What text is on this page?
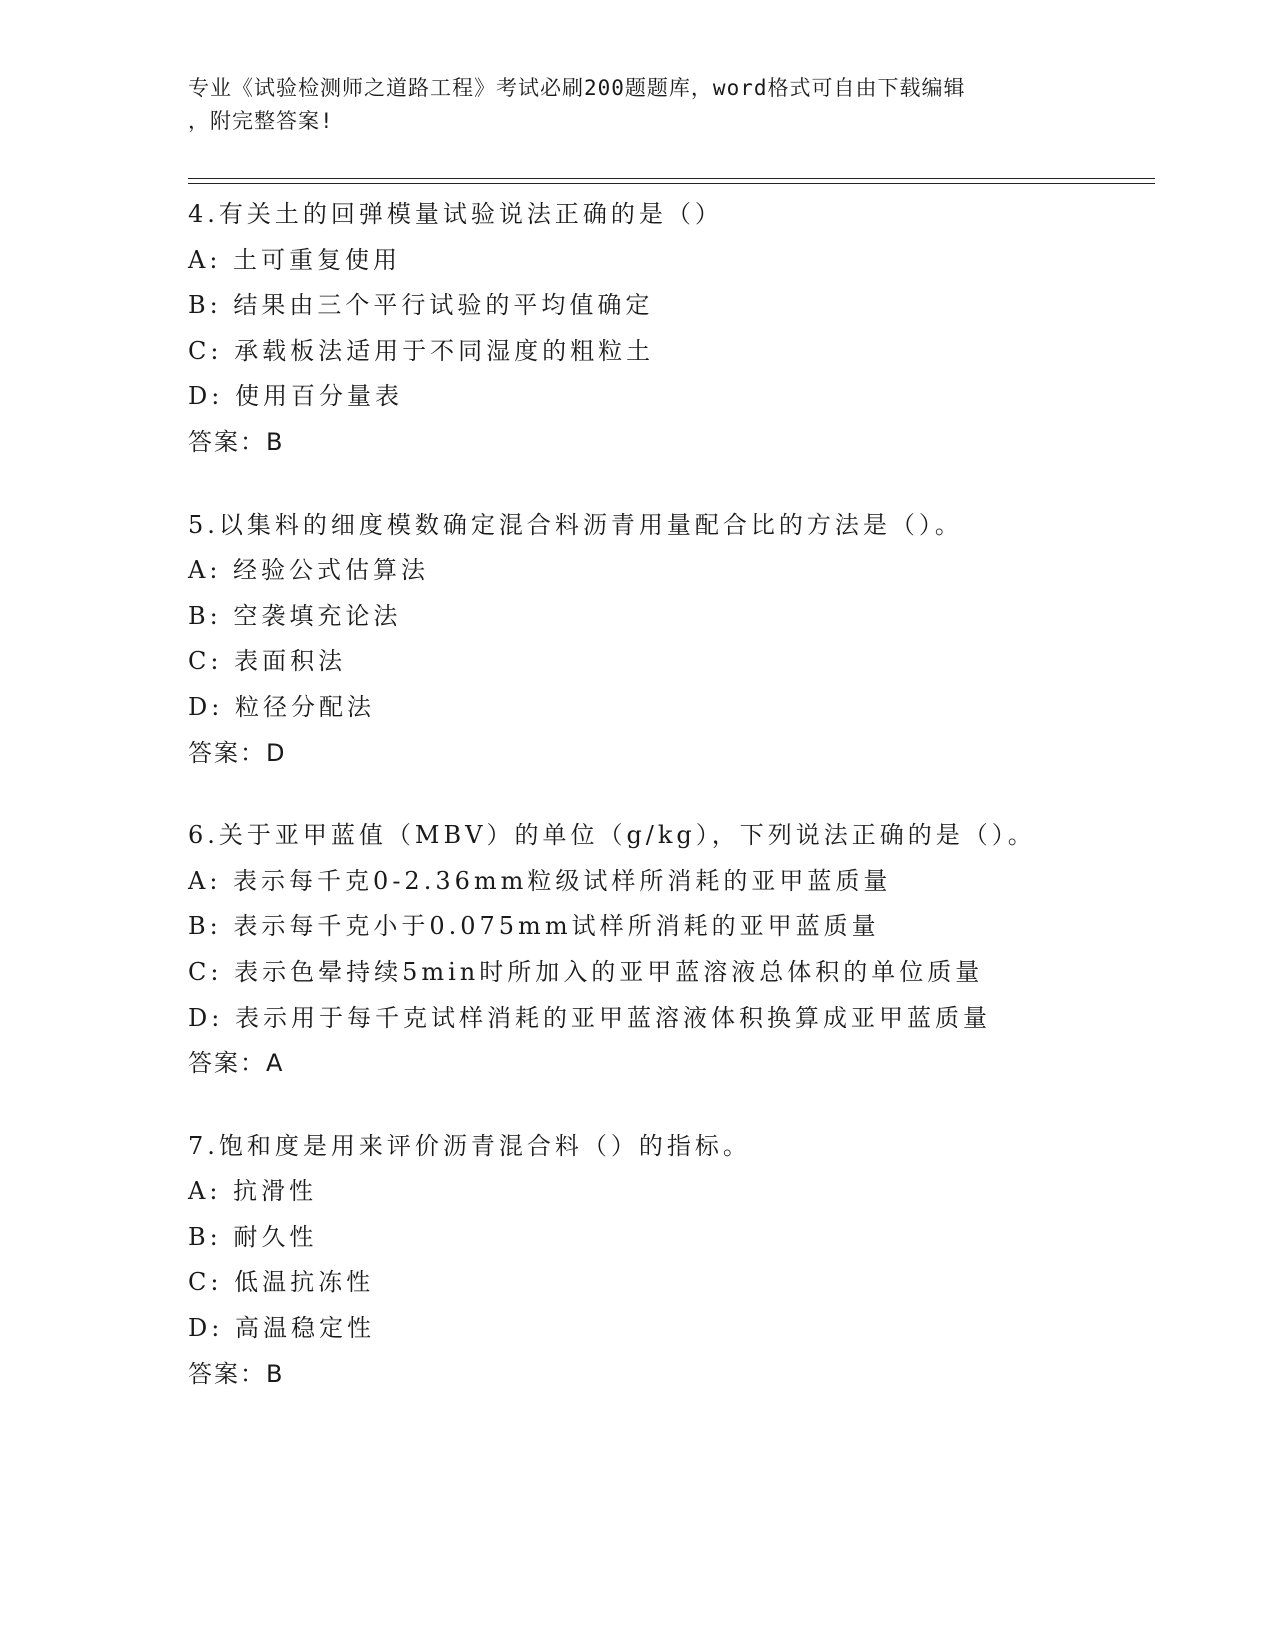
专业《试验检测师之道路工程》考试必刷200题题库，word格式可自由下载编辑
，附完整答案!
4.有关土的回弹模量试验说法正确的是（）
A: 土可重复使用
B: 结果由三个平行试验的平均值确定
C: 承载板法适用于不同湿度的粗粒土
D: 使用百分量表
答案：B
5.以集料的细度模数确定混合料沥青用量配合比的方法是（）。
A: 经验公式估算法
B: 空袭填充论法
C: 表面积法
D: 粒径分配法
答案：D
6.关于亚甲蓝值（MBV）的单位（g/kg），下列说法正确的是（）。
A: 表示每千克0-2.36mm粒级试样所消耗的亚甲蓝质量
B: 表示每千克小于0.075mm试样所消耗的亚甲蓝质量
C: 表示色晕持续5min时所加入的亚甲蓝溶液总体积的单位质量
D: 表示用于每千克试样消耗的亚甲蓝溶液体积换算成亚甲蓝质量
答案：A
7.饱和度是用来评价沥青混合料（）的指标。
A: 抗滑性
B: 耐久性
C: 低温抗冻性
D: 高温稳定性
答案：B
